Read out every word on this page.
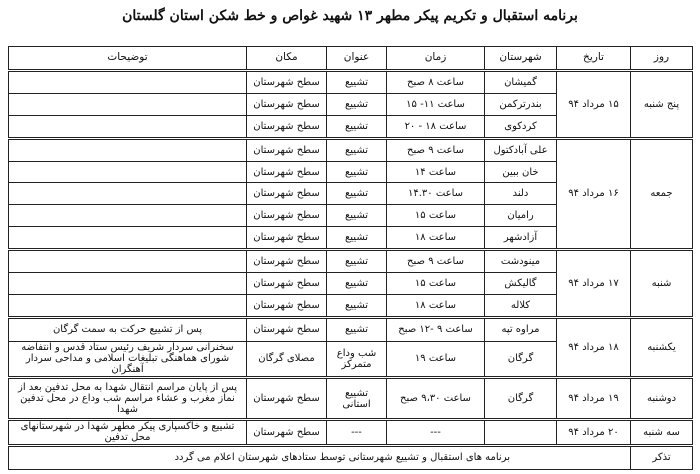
برنامه استقبال و تکریم پیکر مطهر ۱۳ شهید غواص و خط شکن استان گلستان
روز	تاریخ	شهرستان	زمان	عنوان	مکان	توضیحات

پنج شنبه	۱۵ مرداد ۹۴	گمیشان	ساعت ۸ صبح	تشییع	سطح شهرستان	
		بندرترکمن	ساعت ۱۱- ۱۵	تشییع	سطح شهرستان	
		کردکوی	ساعت ۱۸ - ۲۰	تشییع	سطح شهرستان	

جمعه	۱۶ مرداد ۹۴	علی آبادکتول	ساعت ۹ صبح	تشییع	سطح شهرستان	
		خان ببین	ساعت ۱۴	تشییع	سطح شهرستان	
		دلند	ساعت ۱۴.۳۰	تشییع	سطح شهرستان	
		رامیان	ساعت ۱۵	تشییع	سطح شهرستان	
		آزادشهر	ساعت ۱۸	تشییع	سطح شهرستان	

شنبه	۱۷ مرداد ۹۴	مینودشت	ساعت ۹ صبح	تشییع	سطح شهرستان	
		گالیکش	ساعت ۱۵	تشییع	سطح شهرستان	
		کلاله	ساعت ۱۸	تشییع	سطح شهرستان	

یکشنبه	۱۸ مرداد ۹۴	مراوه تپه	ساعت ۹ -۱۲ صبح	تشییع	سطح شهرستان	پس از تشییع حرکت به سمت گرگان
		گرگان	ساعت ۱۹	شب وداع متمرکز	مصلای گرگان	سخنرانی سردار شریف رئیس ستاد قدس و انتفاضه شورای هماهنگی تبلیغات اسلامی و مداحی سردار آهنگران

دوشنبه	۱۹ مرداد ۹۴	گرگان	ساعت ۹،۳۰ صبح	تشییع استانی	سطح شهرستان	پس از پایان مراسم انتقال شهدا به محل تدفین بعد از نماز مغرب و عشاء مراسم شب وداع در محل تدفین شهدا

سه شنبه	۲۰ مرداد ۹۴		---	---	سطح شهرستان	تشییع و خاکسپاری پیکر مطهر شهدا در شهرستانهای محل تدفین

تذکر	برنامه های استقبال و تشییع شهرستانی توسط ستادهای شهرستان اعلام می گردد					
